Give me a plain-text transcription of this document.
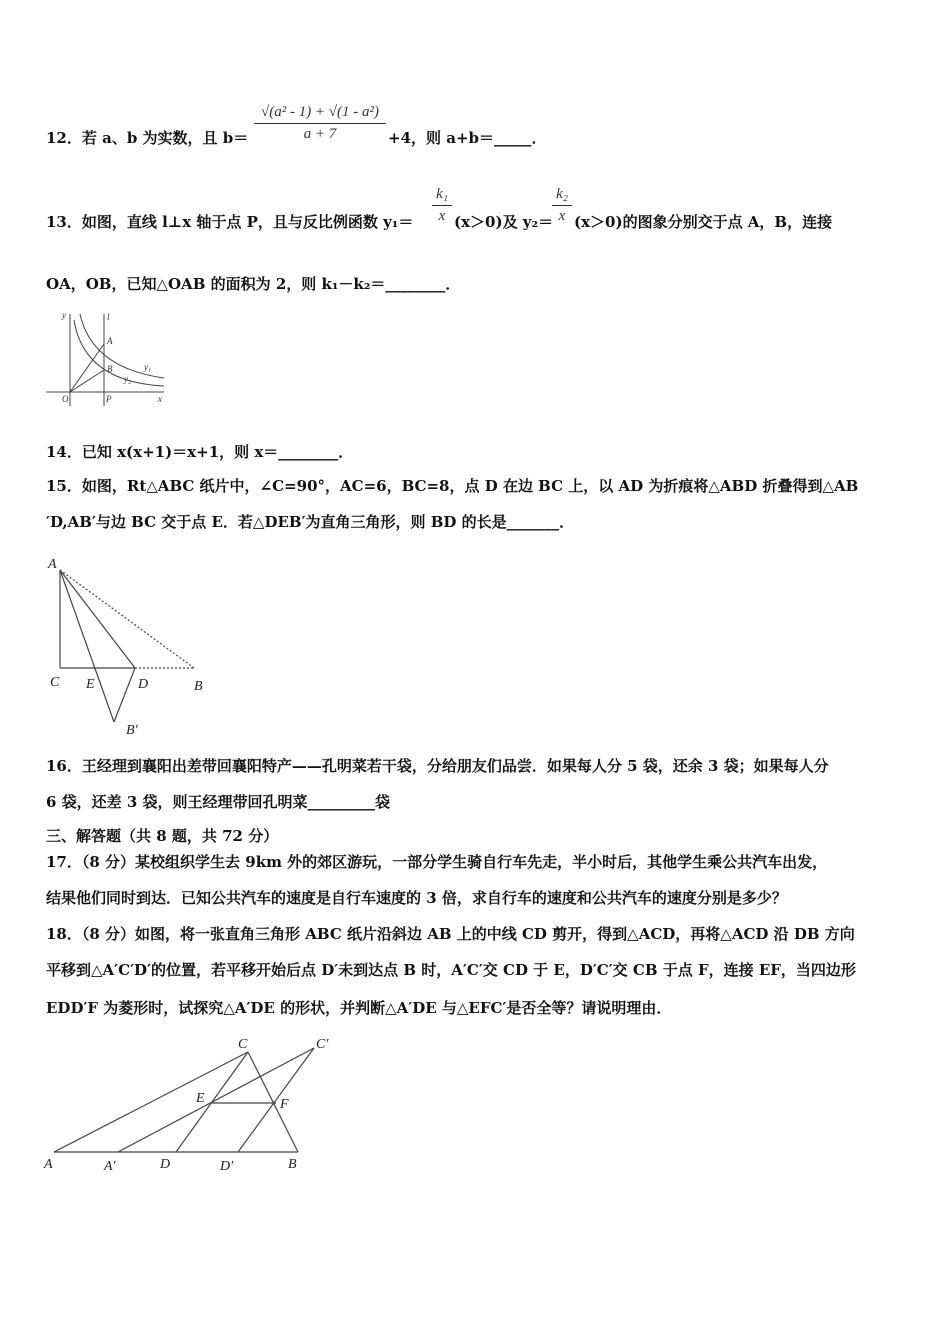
12．若 a、b 为实数，且 b＝
√(a² - 1) + √(1 - a²)
a + 7	+4，则 a+b＝_____．
13．如图，直线 l⊥x 轴于点 P，且与反比例函数 y₁＝
k₁
x (x＞0)及 y₂＝
k₂
x (x＞0)的图象分别交于点 A，B，连接
OA，OB，已知△OAB 的面积为 2，则 k₁－k₂＝________．
y	l
A
B	y₁
y₂
O	P	x
14．已知 x(x+1)＝x+1，则 x＝________．
15．如图，Rt△ABC 纸片中，∠C=90°，AC=6，BC=8，点 D 在边 BC 上，以 AD 为折痕将△ABD 折叠得到△AB
′D,AB′与边 BC 交于点 E．若△DEB′为直角三角形，则 BD 的长是_______．
A
C E	D	B
B′
16．王经理到襄阳出差带回襄阳特产——孔明菜若干袋，分给朋友们品尝．如果每人分 5 袋，还余 3 袋；如果每人分
6 袋，还差 3 袋，则王经理带回孔明菜_________袋
三、解答题（共 8 题，共 72 分）
17．（8 分）某校组织学生去 9km 外的郊区游玩，一部分学生骑自行车先走，半小时后，其他学生乘公共汽车出发，
结果他们同时到达．已知公共汽车的速度是自行车速度的 3 倍，求自行车的速度和公共汽车的速度分别是多少？
18．（8 分）如图，将一张直角三角形 ABC 纸片沿斜边 AB 上的中线 CD 剪开，得到△ACD，再将△ACD 沿 DB 方向
平移到△A′C′D′的位置，若平移开始后点 D′未到达点 B 时，A′C′交 CD 于 E，D′C′交 CB 于点 F，连接 EF，当四边形
EDD′F 为菱形时，试探究△A′DE 的形状，并判断△A′DE 与△EFC′是否全等？请说明理由．
C	C′
E	F
A	A′	D	D′	B
